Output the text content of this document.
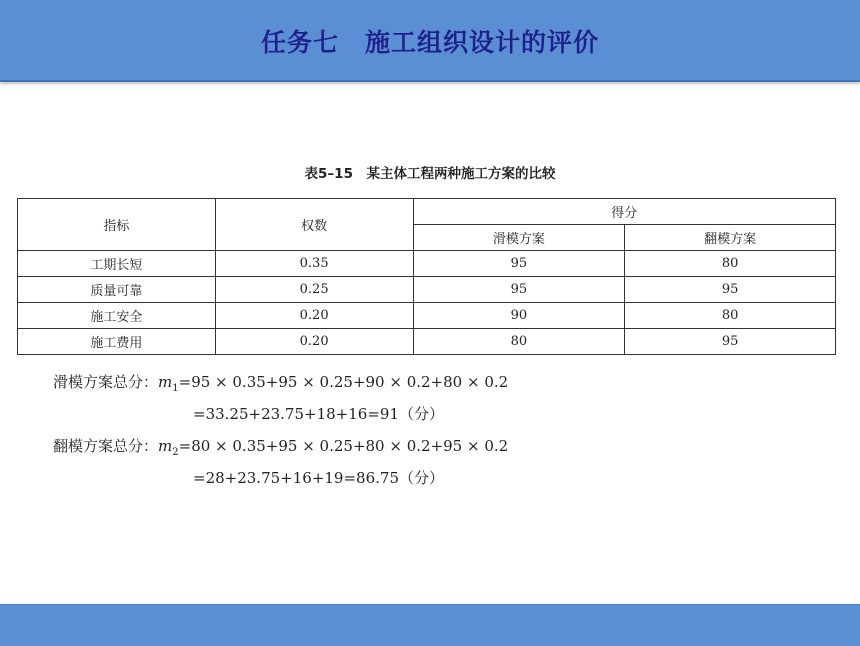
任务七　施工组织设计的评价
表5–15　某主体工程两种施工方案的比较
指标	权数	得分	
		滑模方案	翻模方案
工期长短	0.35	95	80
质量可靠	0.25	95	95
施工安全	0.20	90	80
施工费用	0.20	80	95
滑模方案总分：$m_1=95 \times 0.35+95 \times 0.25+90 \times 0.2+80 \times 0.2$
=33.25+23.75+18+16=91（分）
翻模方案总分：$m_2=80 \times 0.35+95 \times 0.25+80 \times 0.2+95 \times 0.2$
=28+23.75+16+19=86.75（分）
